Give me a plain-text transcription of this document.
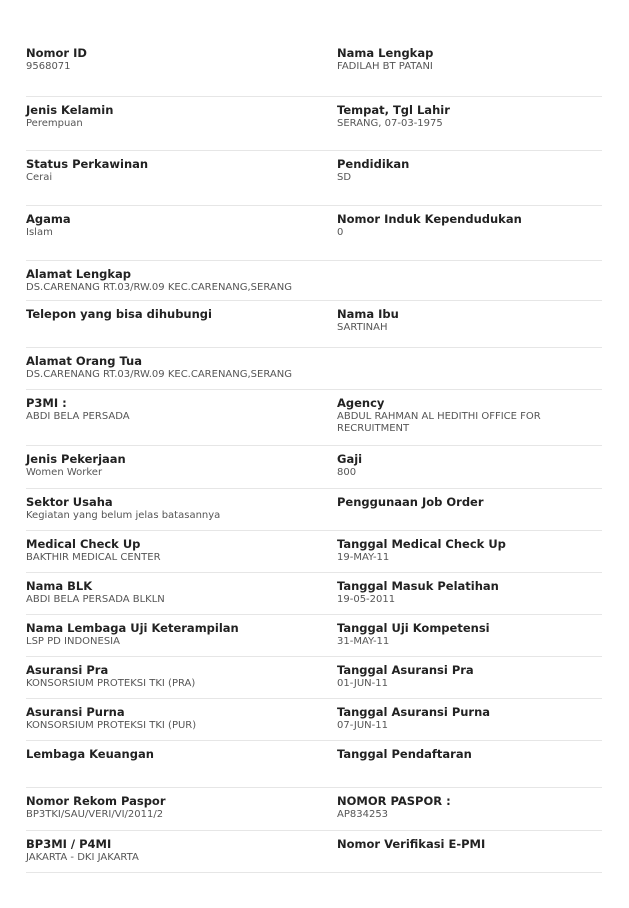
Nomor ID
9568071
Nama Lengkap
FADILAH BT PATANI
Jenis Kelamin
Perempuan
Tempat, Tgl Lahir
SERANG, 07-03-1975
Status Perkawinan
Cerai
Pendidikan
SD
Agama
Islam
Nomor Induk Kependudukan
0
Alamat Lengkap
DS.CARENANG RT.03/RW.09 KEC.CARENANG,SERANG
Telepon yang bisa dihubungi	Nama Ibu
SARTINAH
Alamat Orang Tua
DS.CARENANG RT.03/RW.09 KEC.CARENANG,SERANG
P3MI :
ABDI BELA PERSADA
Agency
ABDUL RAHMAN AL HEDITHI OFFICE FOR RECRUITMENT
Jenis Pekerjaan
Women Worker
Gaji
800
Sektor Usaha
Kegiatan yang belum jelas batasannya
Penggunaan Job Order
Medical Check Up
BAKTHIR MEDICAL CENTER
Tanggal Medical Check Up
19-MAY-11
Nama BLK
ABDI BELA PERSADA BLKLN
Tanggal Masuk Pelatihan
19-05-2011
Nama Lembaga Uji Keterampilan
LSP PD INDONESIA
Tanggal Uji Kompetensi
31-MAY-11
Asuransi Pra
KONSORSIUM PROTEKSI TKI (PRA)
Tanggal Asuransi Pra
01-JUN-11
Asuransi Purna
KONSORSIUM PROTEKSI TKI (PUR)
Tanggal Asuransi Purna
07-JUN-11
Lembaga Keuangan	Tanggal Pendaftaran
Nomor Rekom Paspor
BP3TKI/SAU/VERI/VI/2011/2
NOMOR PASPOR :
AP834253
BP3MI / P4MI
JAKARTA - DKI JAKARTA
Nomor Verifikasi E-PMI
